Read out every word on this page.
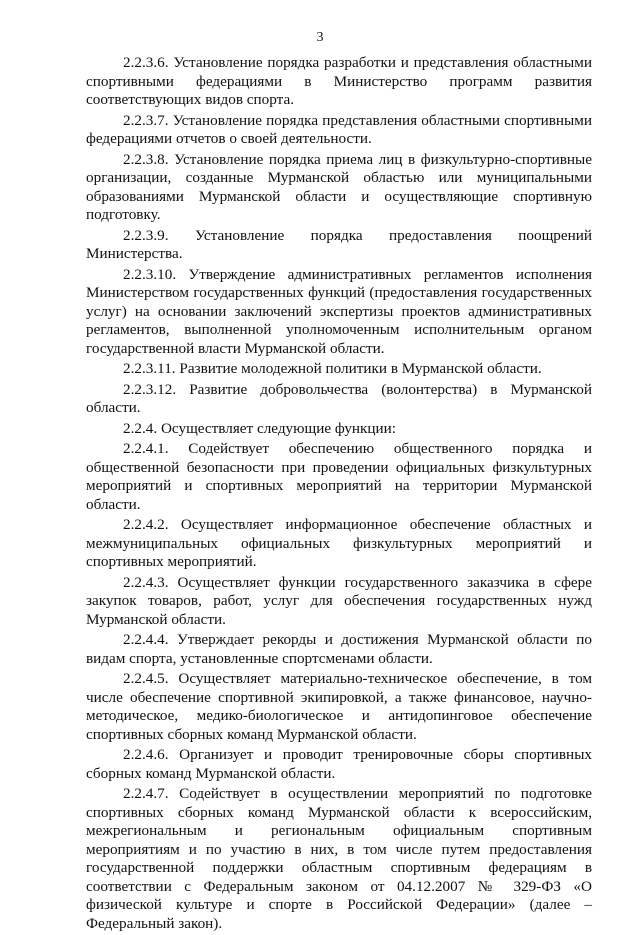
3

2.2.3.6. Установление порядка разработки и представления областными спортивными федерациями в Министерство программ развития соответствующих видов спорта.

2.2.3.7. Установление порядка представления областными спортивными федерациями отчетов о своей деятельности.

2.2.3.8. Установление порядка приема лиц в физкультурно-спортивные организации, созданные Мурманской областью или муниципальными образованиями Мурманской области и осуществляющие спортивную подготовку.

2.2.3.9. Установление порядка предоставления поощрений Министерства.

2.2.3.10. Утверждение административных регламентов исполнения Министерством государственных функций (предоставления государственных услуг) на основании заключений экспертизы проектов административных регламентов, выполненной уполномоченным исполнительным органом государственной власти Мурманской области.

2.2.3.11. Развитие молодежной политики в Мурманской области.

2.2.3.12. Развитие добровольчества (волонтерства) в Мурманской области.

2.2.4. Осуществляет следующие функции:

2.2.4.1. Содействует обеспечению общественного порядка и общественной безопасности при проведении официальных физкультурных мероприятий и спортивных мероприятий на территории Мурманской области.

2.2.4.2. Осуществляет информационное обеспечение областных и межмуниципальных официальных физкультурных мероприятий и спортивных мероприятий.

2.2.4.3. Осуществляет функции государственного заказчика в сфере закупок товаров, работ, услуг для обеспечения государственных нужд Мурманской области.

2.2.4.4. Утверждает рекорды и достижения Мурманской области по видам спорта, установленные спортсменами области.

2.2.4.5. Осуществляет материально-техническое обеспечение, в том числе обеспечение спортивной экипировкой, а также финансовое, научно-методическое, медико-биологическое и антидопинговое обеспечение спортивных сборных команд Мурманской области.

2.2.4.6. Организует и проводит тренировочные сборы спортивных сборных команд Мурманской области.

2.2.4.7. Содействует в осуществлении мероприятий по подготовке спортивных сборных команд Мурманской области к всероссийским, межрегиональным и региональным официальным спортивным мероприятиям и по участию в них, в том числе путем предоставления государственной поддержки областным спортивным федерациям в соответствии с Федеральным законом от 04.12.2007 № 329-ФЗ «О физической культуре и спорте в Российской Федерации» (далее – Федеральный закон).
